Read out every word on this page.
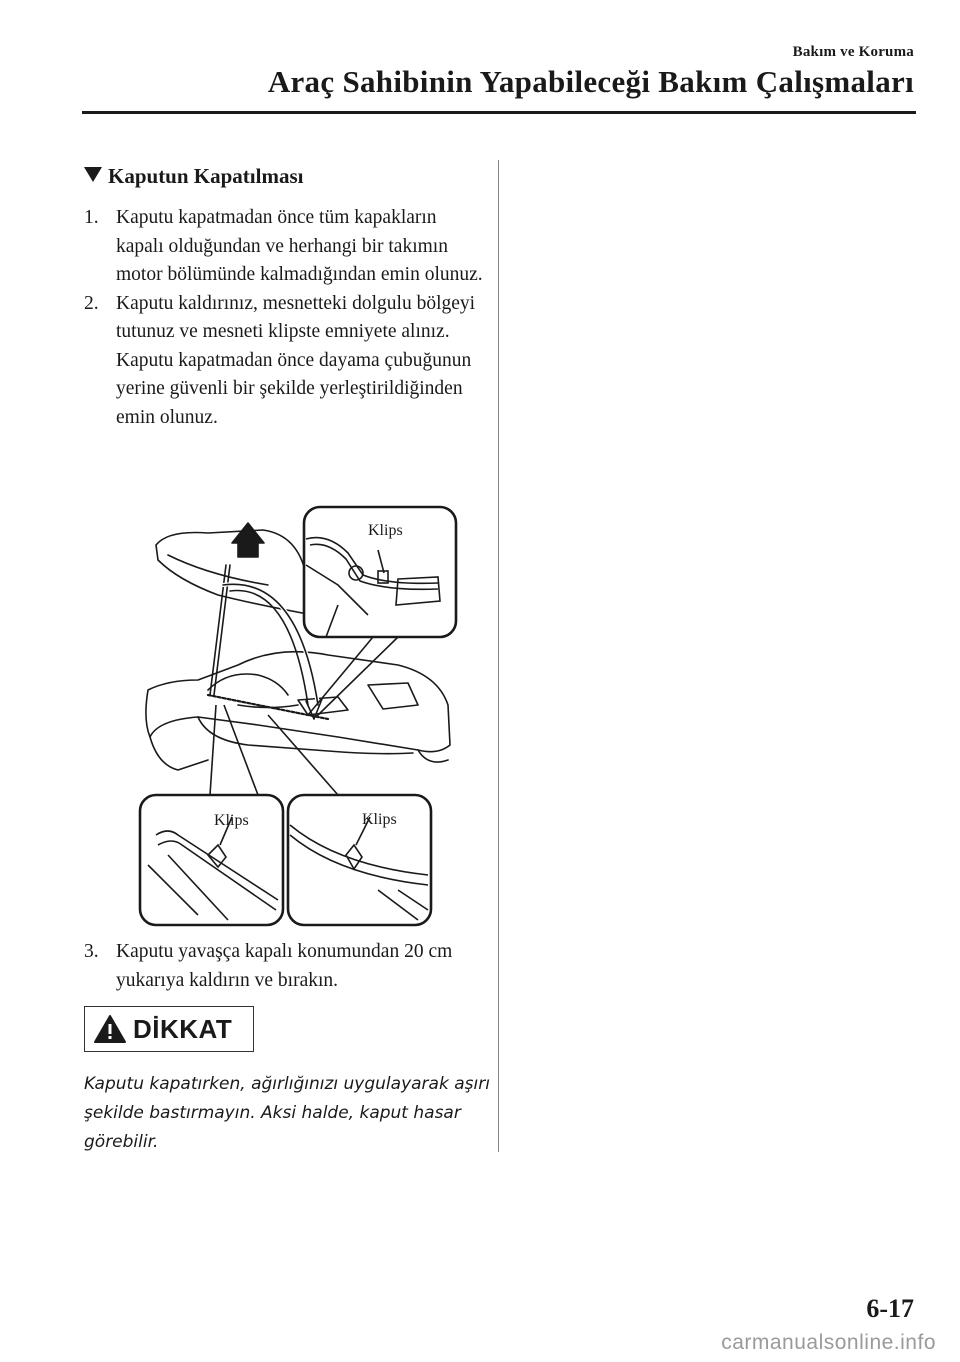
Bakım ve Koruma
Araç Sahibinin Yapabileceği Bakım Çalışmaları
Kaputun Kapatılması
1. Kaputu kapatmadan önce tüm kapakların kapalı olduğundan ve herhangi bir takımın motor bölümünde kalmadığından emin olunuz.
2. Kaputu kaldırınız, mesnetteki dolgulu bölgeyi tutunuz ve mesneti klipste emniyete alınız. Kaputu kapatmadan önce dayama çubuğunun yerine güvenli bir şekilde yerleştirildiğinden emin olunuz.
Klips
Klips	Klips
3. Kaputu yavaşça kapalı konumundan 20 cm yukarıya kaldırın ve bırakın.
DİKKAT
Kaputu kapatırken, ağırlığınızı uygulayarak aşırı şekilde bastırmayın. Aksi halde, kaput hasar görebilir.
6-17
carmanualsonline.info
